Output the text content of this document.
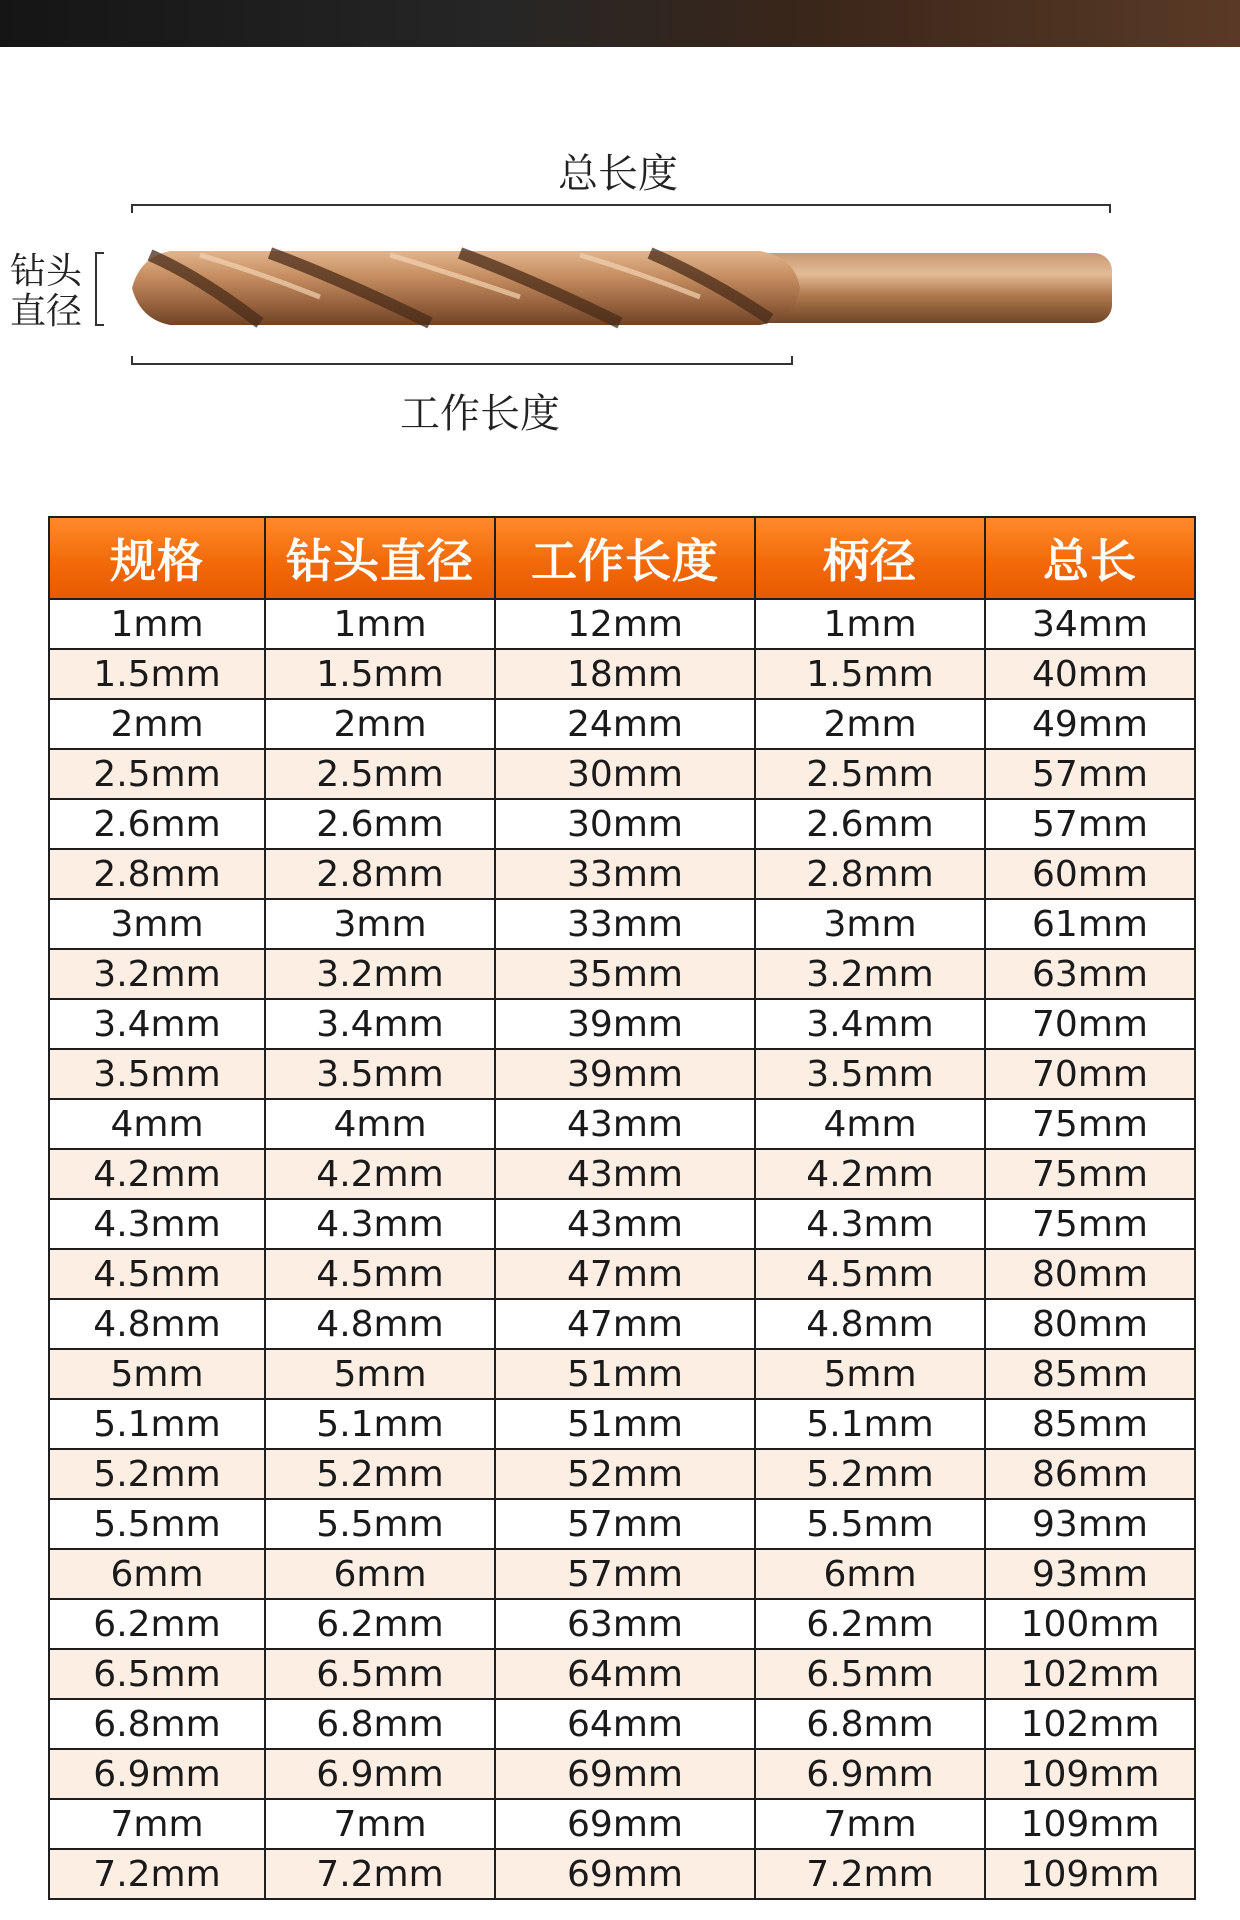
总长度
工作长度
钻头直径
规格	钻头直径	工作长度	柄径	总长
1mm	1mm	12mm	1mm	34mm
1.5mm	1.5mm	18mm	1.5mm	40mm
2mm	2mm	24mm	2mm	49mm
2.5mm	2.5mm	30mm	2.5mm	57mm
2.6mm	2.6mm	30mm	2.6mm	57mm
2.8mm	2.8mm	33mm	2.8mm	60mm
3mm	3mm	33mm	3mm	61mm
3.2mm	3.2mm	35mm	3.2mm	63mm
3.4mm	3.4mm	39mm	3.4mm	70mm
3.5mm	3.5mm	39mm	3.5mm	70mm
4mm	4mm	43mm	4mm	75mm
4.2mm	4.2mm	43mm	4.2mm	75mm
4.3mm	4.3mm	43mm	4.3mm	75mm
4.5mm	4.5mm	47mm	4.5mm	80mm
4.8mm	4.8mm	47mm	4.8mm	80mm
5mm	5mm	51mm	5mm	85mm
5.1mm	5.1mm	51mm	5.1mm	85mm
5.2mm	5.2mm	52mm	5.2mm	86mm
5.5mm	5.5mm	57mm	5.5mm	93mm
6mm	6mm	57mm	6mm	93mm
6.2mm	6.2mm	63mm	6.2mm	100mm
6.5mm	6.5mm	64mm	6.5mm	102mm
6.8mm	6.8mm	64mm	6.8mm	102mm
6.9mm	6.9mm	69mm	6.9mm	109mm
7mm	7mm	69mm	7mm	109mm
7.2mm	7.2mm	69mm	7.2mm	109mm
